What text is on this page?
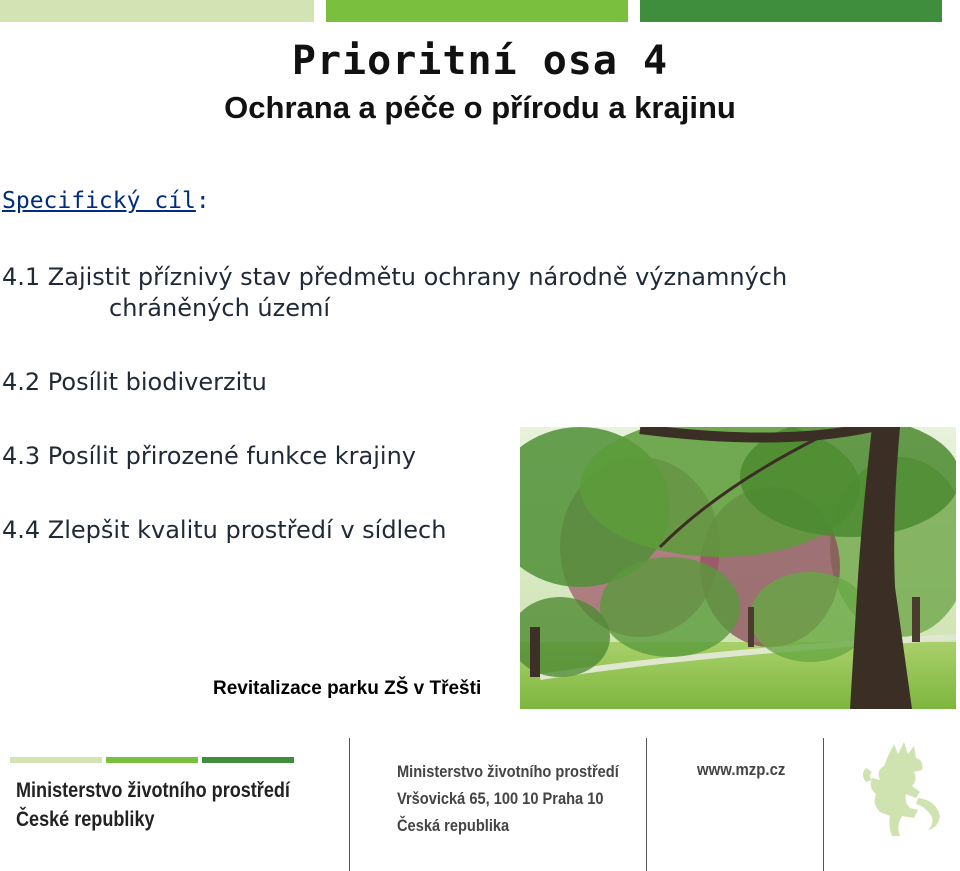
Prioritní osa 4
Ochrana a péče o přírodu a krajinu
Specifický cíl:
4.1 Zajistit příznivý stav předmětu ochrany národně významných
chráněných území
4.2 Posílit biodiverzitu
4.3 Posílit přirozené funkce krajiny
4.4 Zlepšit kvalitu prostředí v sídlech
Revitalizace parku ZŠ v Třešti
Ministerstvo životního prostředí
České republiky
Ministerstvo životního prostředí
Vršovická 65, 100 10 Praha 10
Česká republika
www.mzp.cz
